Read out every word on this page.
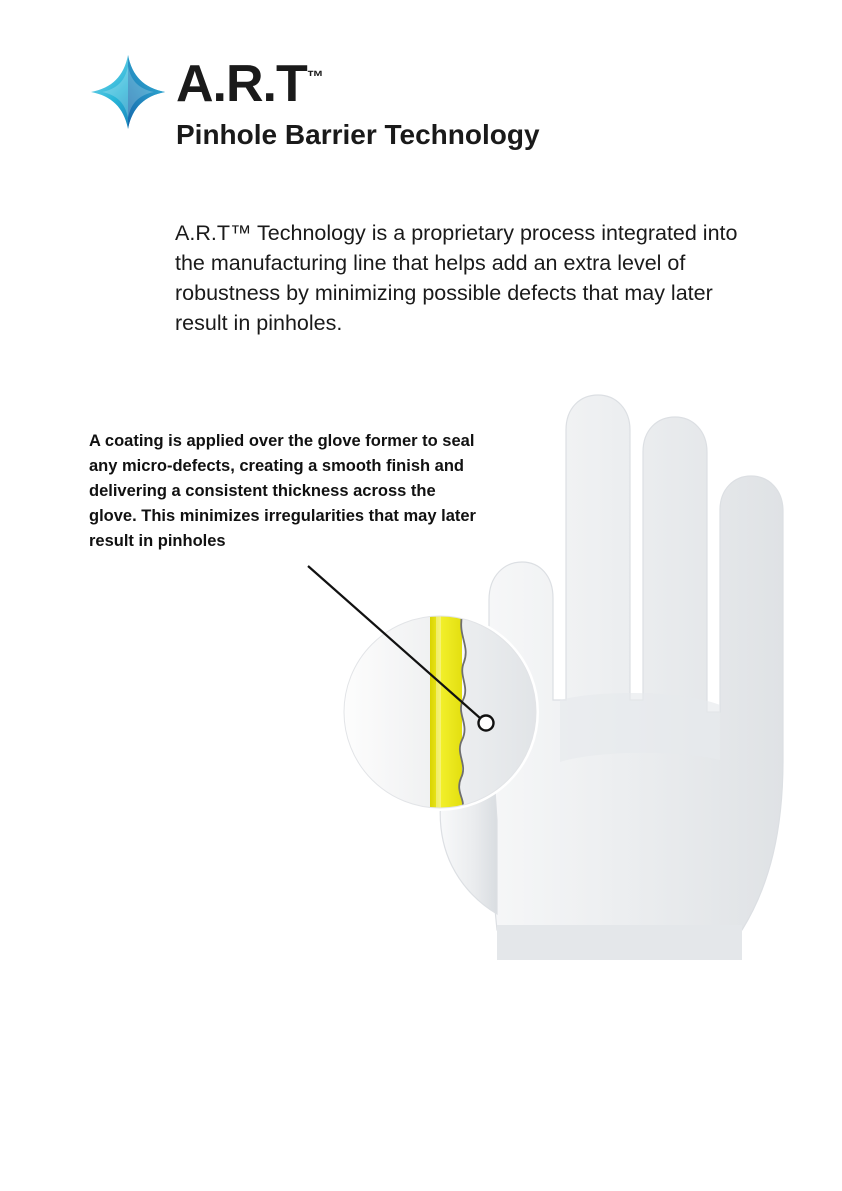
A.R.T™
Pinhole Barrier Technology

A.R.T™ Technology is a proprietary process integrated into the manufacturing line that helps add an extra level of robustness by minimizing possible defects that may later result in pinholes.

A coating is applied over the glove former to seal any micro-defects, creating a smooth finish and delivering a consistent thickness across the glove. This minimizes irregularities that may later result in pinholes
